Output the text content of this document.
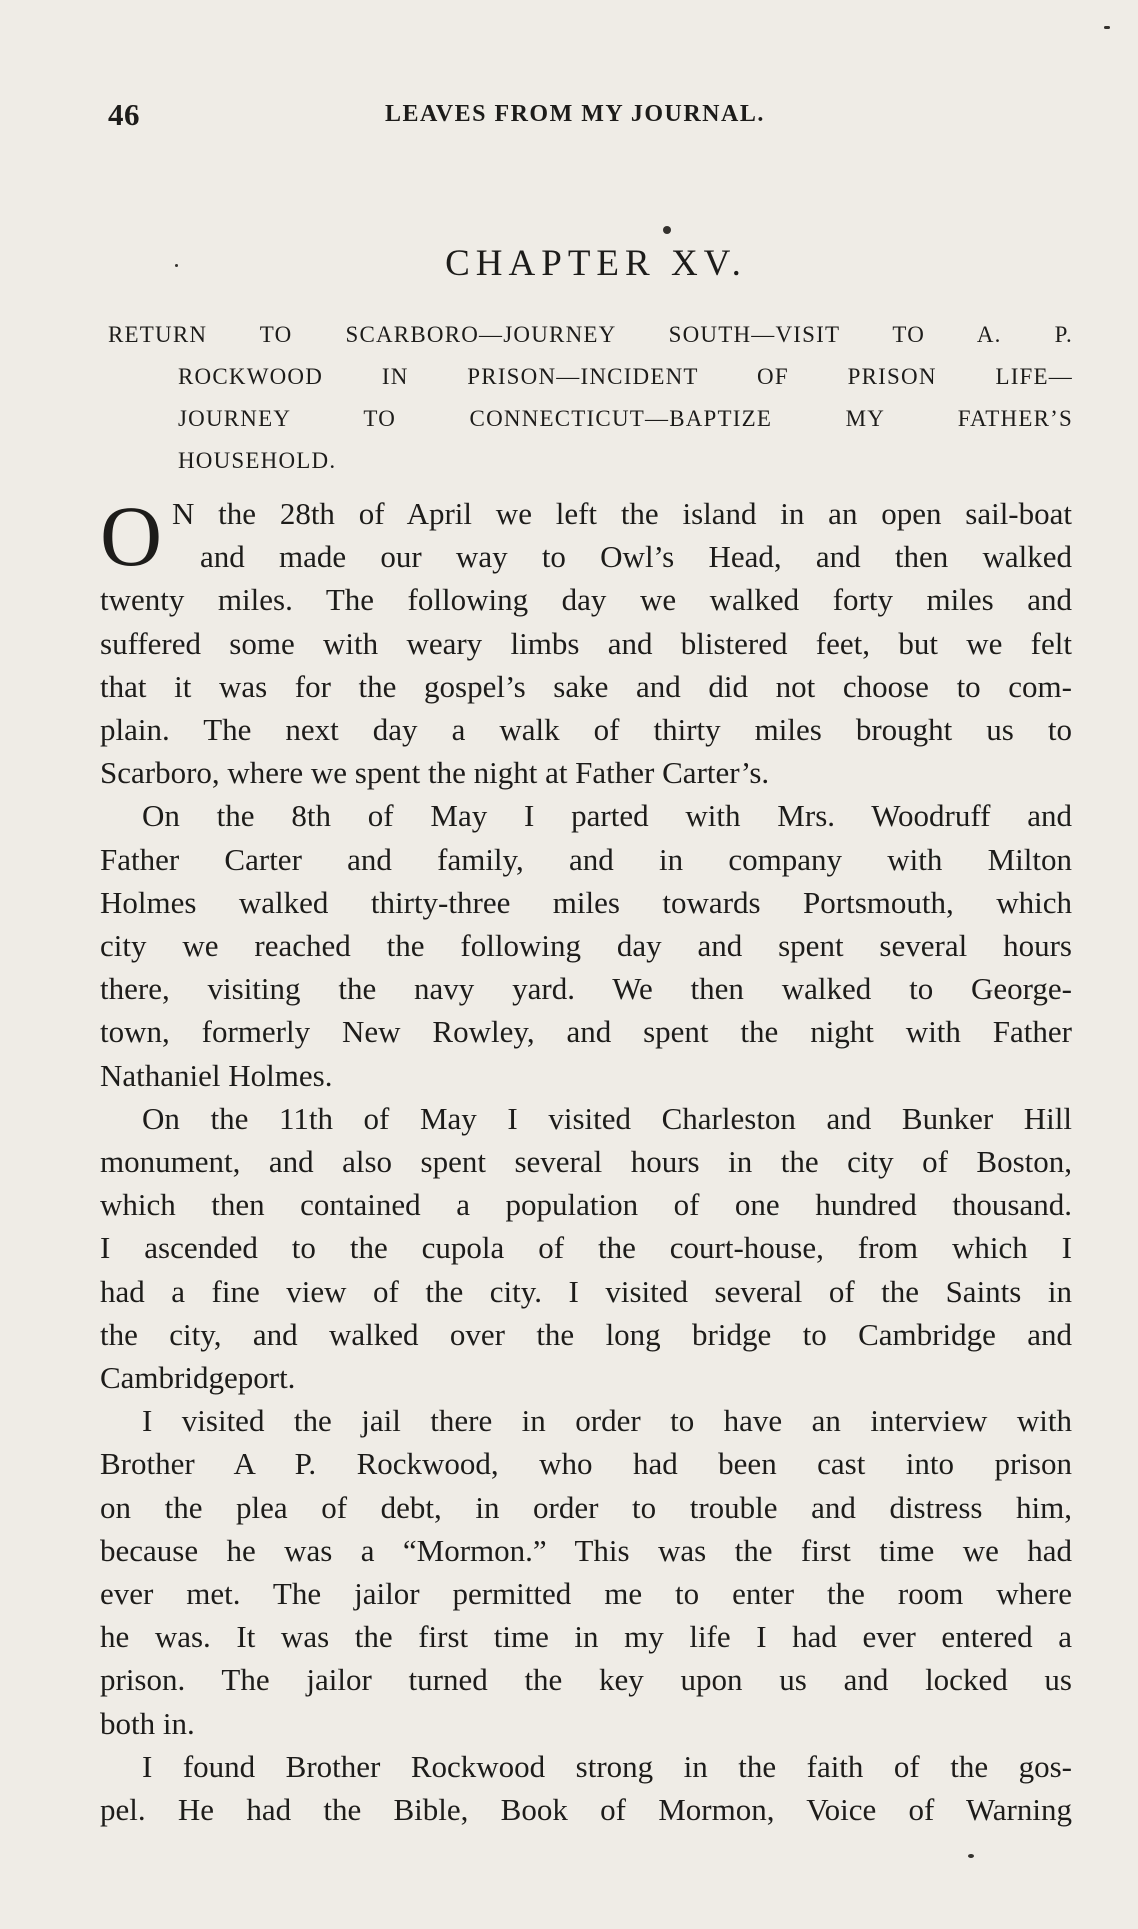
46	LEAVES FROM MY JOURNAL.
CHAPTER XV.
RETURN TO SCARBORO—JOURNEY SOUTH—VISIT TO A. P.
ROCKWOOD IN PRISON—INCIDENT OF PRISON LIFE—
JOURNEY TO CONNECTICUT—BAPTIZE MY FATHER’S
HOUSEHOLD.
O N the 28th of April we left the island in an open sail-boat
and made our way to Owl’s Head, and then walked
twenty miles. The following day we walked forty miles and
suffered some with weary limbs and blistered feet, but we felt
that it was for the gospel’s sake and did not choose to com-
plain. The next day a walk of thirty miles brought us to
Scarboro, where we spent the night at Father Carter’s.

On the 8th of May I parted with Mrs. Woodruff and
Father Carter and family, and in company with Milton
Holmes walked thirty-three miles towards Portsmouth, which
city we reached the following day and spent several hours
there, visiting the navy yard. We then walked to George-
town, formerly New Rowley, and spent the night with Father
Nathaniel Holmes.

On the 11th of May I visited Charleston and Bunker Hill
monument, and also spent several hours in the city of Boston,
which then contained a population of one hundred thousand.
I ascended to the cupola of the court-house, from which I
had a fine view of the city. I visited several of the Saints in
the city, and walked over the long bridge to Cambridge and
Cambridgeport.

I visited the jail there in order to have an interview with
Brother A P. Rockwood, who had been cast into prison
on the plea of debt, in order to trouble and distress him,
because he was a “Mormon.” This was the first time we had
ever met. The jailor permitted me to enter the room where
he was. It was the first time in my life I had ever entered a
prison. The jailor turned the key upon us and locked us
both in.

I found Brother Rockwood strong in the faith of the gos-
pel. He had the Bible, Book of Mormon, Voice of Warning
